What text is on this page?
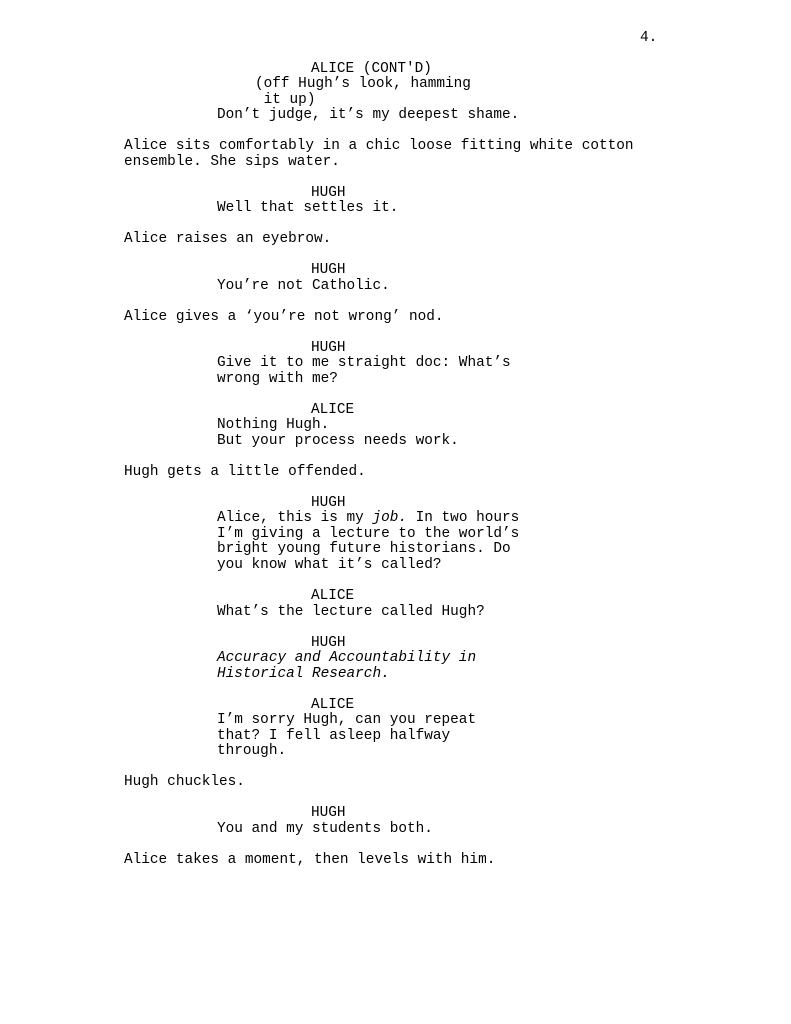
4.
ALICE (CONT'D)
(off Hugh’s look, hamming
it up)
Don’t judge, it’s my deepest shame.
Alice sits comfortably in a chic loose fitting white cotton
ensemble. She sips water.
HUGH
Well that settles it.
Alice raises an eyebrow.
HUGH
You’re not Catholic.
Alice gives a ‘you’re not wrong’ nod.
HUGH
Give it to me straight doc: What’s
wrong with me?
ALICE
Nothing Hugh.
But your process needs work.
Hugh gets a little offended.
HUGH
Alice, this is my job. In two hours
I’m giving a lecture to the world’s
bright young future historians. Do
you know what it’s called?
ALICE
What’s the lecture called Hugh?
HUGH
Accuracy and Accountability in
Historical Research.
ALICE
I’m sorry Hugh, can you repeat
that? I fell asleep halfway
through.
Hugh chuckles.
HUGH
You and my students both.
Alice takes a moment, then levels with him.
